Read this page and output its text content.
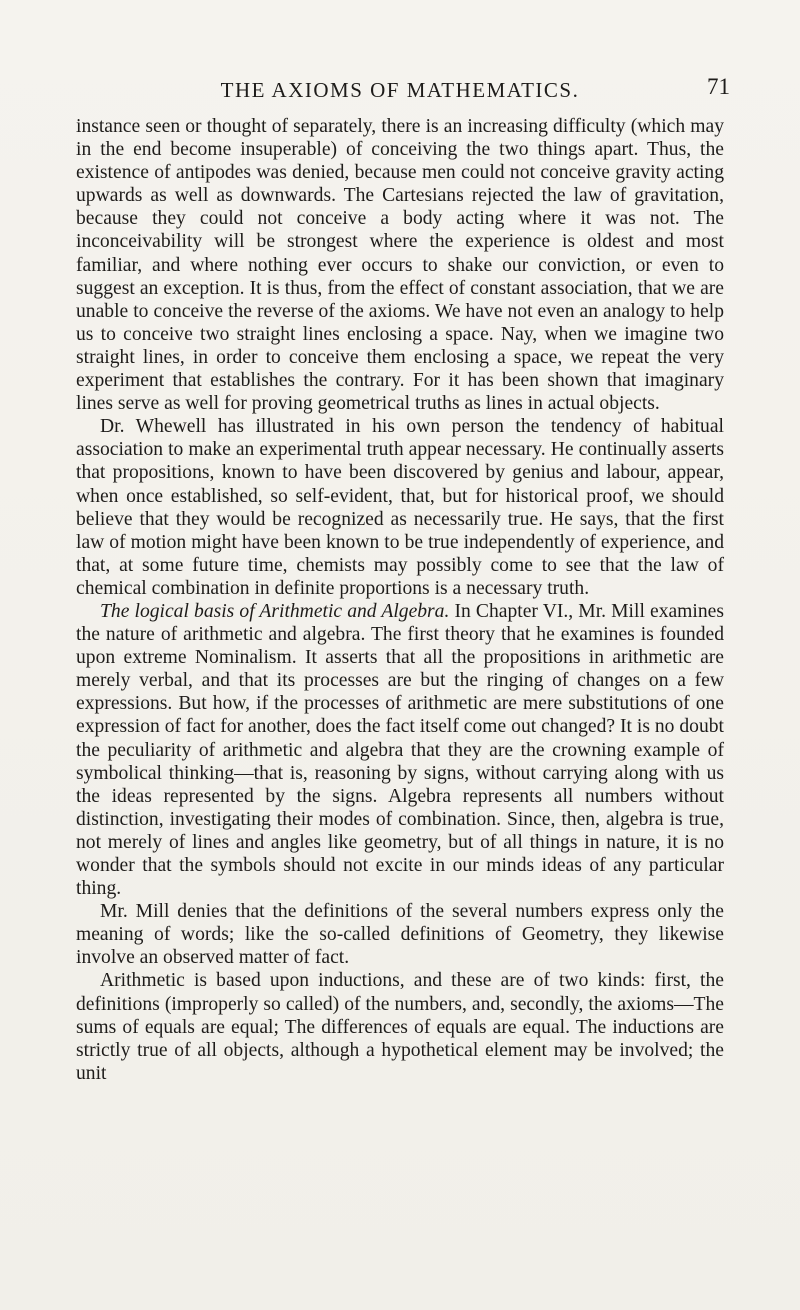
THE AXIOMS OF MATHEMATICS.	71

instance seen or thought of separately, there is an increasing difficulty (which may in the end become insuperable) of conceiving the two things apart. Thus, the existence of antipodes was denied, because men could not conceive gravity acting upwards as well as downwards. The Cartesians rejected the law of gravitation, because they could not conceive a body acting where it was not. The inconceivability will be strongest where the experience is oldest and most familiar, and where nothing ever occurs to shake our conviction, or even to suggest an exception. It is thus, from the effect of constant association, that we are unable to conceive the reverse of the axioms. We have not even an analogy to help us to conceive two straight lines enclosing a space. Nay, when we imagine two straight lines, in order to conceive them enclosing a space, we repeat the very experiment that establishes the contrary. For it has been shown that imaginary lines serve as well for proving geometrical truths as lines in actual objects.

Dr. Whewell has illustrated in his own person the tendency of habitual association to make an experimental truth appear necessary. He continually asserts that propositions, known to have been discovered by genius and labour, appear, when once established, so self-evident, that, but for historical proof, we should believe that they would be recognized as necessarily true. He says, that the first law of motion might have been known to be true independently of experience, and that, at some future time, chemists may possibly come to see that the law of chemical combination in definite proportions is a necessary truth.

The logical basis of Arithmetic and Algebra. In Chapter VI., Mr. Mill examines the nature of arithmetic and algebra. The first theory that he examines is founded upon extreme Nominalism. It asserts that all the propositions in arithmetic are merely verbal, and that its processes are but the ringing of changes on a few expressions. But how, if the processes of arithmetic are mere substitutions of one expression of fact for another, does the fact itself come out changed? It is no doubt the peculiarity of arithmetic and algebra that they are the crowning example of symbolical thinking—that is, reasoning by signs, without carrying along with us the ideas represented by the signs. Algebra represents all numbers without distinction, investigating their modes of combination. Since, then, algebra is true, not merely of lines and angles like geometry, but of all things in nature, it is no wonder that the symbols should not excite in our minds ideas of any particular thing.

Mr. Mill denies that the definitions of the several numbers express only the meaning of words; like the so-called definitions of Geometry, they likewise involve an observed matter of fact.

Arithmetic is based upon inductions, and these are of two kinds: first, the definitions (improperly so called) of the numbers, and, secondly, the axioms—The sums of equals are equal; The differences of equals are equal. The inductions are strictly true of all objects, although a hypothetical element may be involved; the unit
